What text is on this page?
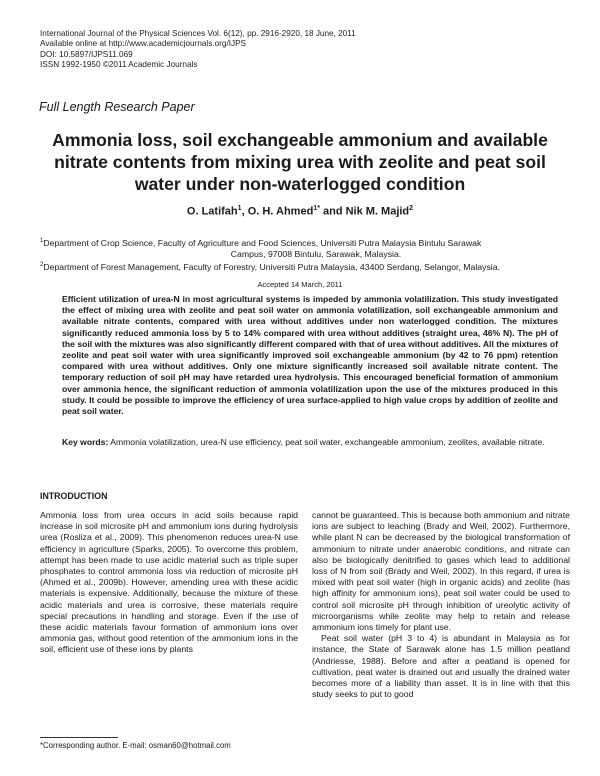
International Journal of the Physical Sciences Vol. 6(12), pp. 2916-2920, 18 June, 2011
Available online at http://www.academicjournals.org/IJPS
DOI: 10.5897/IJPS11.069
ISSN 1992-1950 ©2011 Academic Journals
Full Length Research Paper
Ammonia loss, soil exchangeable ammonium and available nitrate contents from mixing urea with zeolite and peat soil water under non-waterlogged condition
O. Latifah$^1$, O. H. Ahmed$^{1*}$ and Nik M. Majid$^2$
$^1$Department of Crop Science, Faculty of Agriculture and Food Sciences, Universiti Putra Malaysia Bintulu Sarawak
Campus, 97008 Bintulu, Sarawak, Malaysia.
$^2$Department of Forest Management, Faculty of Forestry, Universiti Putra Malaysia, 43400 Serdang, Selangor, Malaysia.
Accepted 14 March, 2011
Efficient utilization of urea-N in most agricultural systems is impeded by ammonia volatilization. This study investigated the effect of mixing urea with zeolite and peat soil water on ammonia volatilization, soil exchangeable ammonium and available nitrate contents, compared with urea without additives under non waterlogged condition. The mixtures significantly reduced ammonia loss by 5 to 14% compared with urea without additives (straight urea, 46% N). The pH of the soil with the mixtures was also significantly different compared with that of urea without additives. All the mixtures of zeolite and peat soil water with urea significantly improved soil exchangeable ammonium (by 42 to 76 ppm) retention compared with urea without additives. Only one mixture significantly increased soil available nitrate content. The temporary reduction of soil pH may have retarded urea hydrolysis. This encouraged beneficial formation of ammonium over ammonia hence, the significant reduction of ammonia volatilization upon the use of the mixtures produced in this study. It could be possible to improve the efficiency of urea surface-applied to high value crops by addition of zeolite and peat soil water.
Key words: Ammonia volatilization, urea-N use efficiency, peat soil water, exchangeable ammonium, zeolites, available nitrate.
INTRODUCTION

Ammonia loss from urea occurs in acid soils because rapid increase in soil microsite pH and ammonium ions during hydrolysis urea (Rosliza et al., 2009). This phenomenon reduces urea-N use efficiency in agriculture (Sparks, 2005). To overcome this problem, attempt has been made to use acidic material such as triple super phosphates to control ammonia loss via reduction of microsite pH (Ahmed et al., 2009b). However, amending urea with these acidic materials is expensive. Additionally, because the mixture of these acidic materials and urea is corrosive, these materials require special precautions in handling and storage. Even if the use of these acidic materials favour formation of ammonium ions over ammonia gas, without good retention of the ammonium ions in the soil, efficient use of these ions by plants

cannot be guaranteed. This is because both ammonium and nitrate ions are subject to leaching (Brady and Weil, 2002). Furthermore, while plant N can be decreased by the biological transformation of ammonium to nitrate under anaerobic conditions, and nitrate can also be biologically denitrified to gases which lead to additional loss of N from soil (Brady and Weil, 2002). In this regard, if urea is mixed with peat soil water (high in organic acids) and zeolite (has high affinity for ammonium ions), peat soil water could be used to control soil microsite pH through inhibition of ureolytic activity of microorganisms while zeolite may help to retain and release ammonium ions timely for plant use.

Peat soil water (pH 3 to 4) is abundant in Malaysia as for instance, the State of Sarawak alone has 1.5 million peatland (Andriesse, 1988). Before and after a peatland is opened for cultivation, peat water is drained out and usually the drained water becomes more of a liability than asset. It is in line with that this study seeks to put to good

*Corresponding author. E-mail: osman60@hotmail.com
